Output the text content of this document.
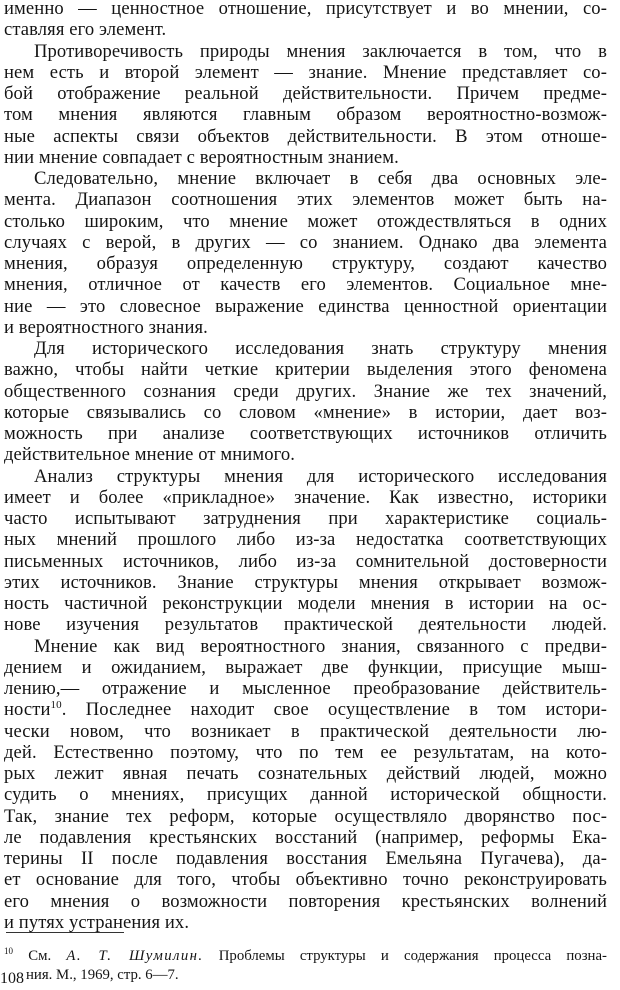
именно — ценностное отношение, присутствует и во мнении, со-
ставляя его элемент.
Противоречивость природы мнения заключается в том, что в
нем есть и второй элемент — знание. Мнение представляет со-
бой отображение реальной действительности. Причем предме-
том мнения являются главным образом вероятностно-возмож-
ные аспекты связи объектов действительности. В этом отноше-
нии мнение совпадает с вероятностным знанием.
Следовательно, мнение включает в себя два основных эле-
мента. Диапазон соотношения этих элементов может быть на-
столько широким, что мнение может отождествляться в одних
случаях с верой, в других — со знанием. Однако два элемента
мнения, образуя определенную структуру, создают качество
мнения, отличное от качеств его элементов. Социальное мне-
ние — это словесное выражение единства ценностной ориентации
и вероятностного знания.
Для исторического исследования знать структуру мнения
важно, чтобы найти четкие критерии выделения этого феномена
общественного сознания среди других. Знание же тех значений,
которые связывались со словом «мнение» в истории, дает воз-
можность при анализе соответствующих источников отличить
действительное мнение от мнимого.
Анализ структуры мнения для исторического исследования
имеет и более «прикладное» значение. Как известно, историки
часто испытывают затруднения при характеристике социаль-
ных мнений прошлого либо из-за недостатка соответствующих
письменных источников, либо из-за сомнительной достоверности
этих источников. Знание структуры мнения открывает возмож-
ность частичной реконструкции модели мнения в истории на ос-
нове изучения результатов практической деятельности людей.
Мнение как вид вероятностного знания, связанного с предви-
дением и ожиданием, выражает две функции, присущие мыш-
лению,— отражение и мысленное преобразование действитель-
ности$^{10}$. Последнее находит свое осуществление в том истори-
чески новом, что возникает в практической деятельности лю-
дей. Естественно поэтому, что по тем ее результатам, на кото-
рых лежит явная печать сознательных действий людей, можно
судить о мнениях, присущих данной исторической общности.
Так, знание тех реформ, которые осуществляло дворянство пос-
ле подавления крестьянских восстаний (например, реформы Ека-
терины II после подавления восстания Емельяна Пугачева), да-
ет основание для того, чтобы объективно точно реконструировать
его мнения о возможности повторения крестьянских волнений
и путях устранения их.
$^{10}$ См. А. Т. Шумилин. Проблемы структуры и содержания процесса позна-
ния. М., 1969, стр. 6—7.
108
